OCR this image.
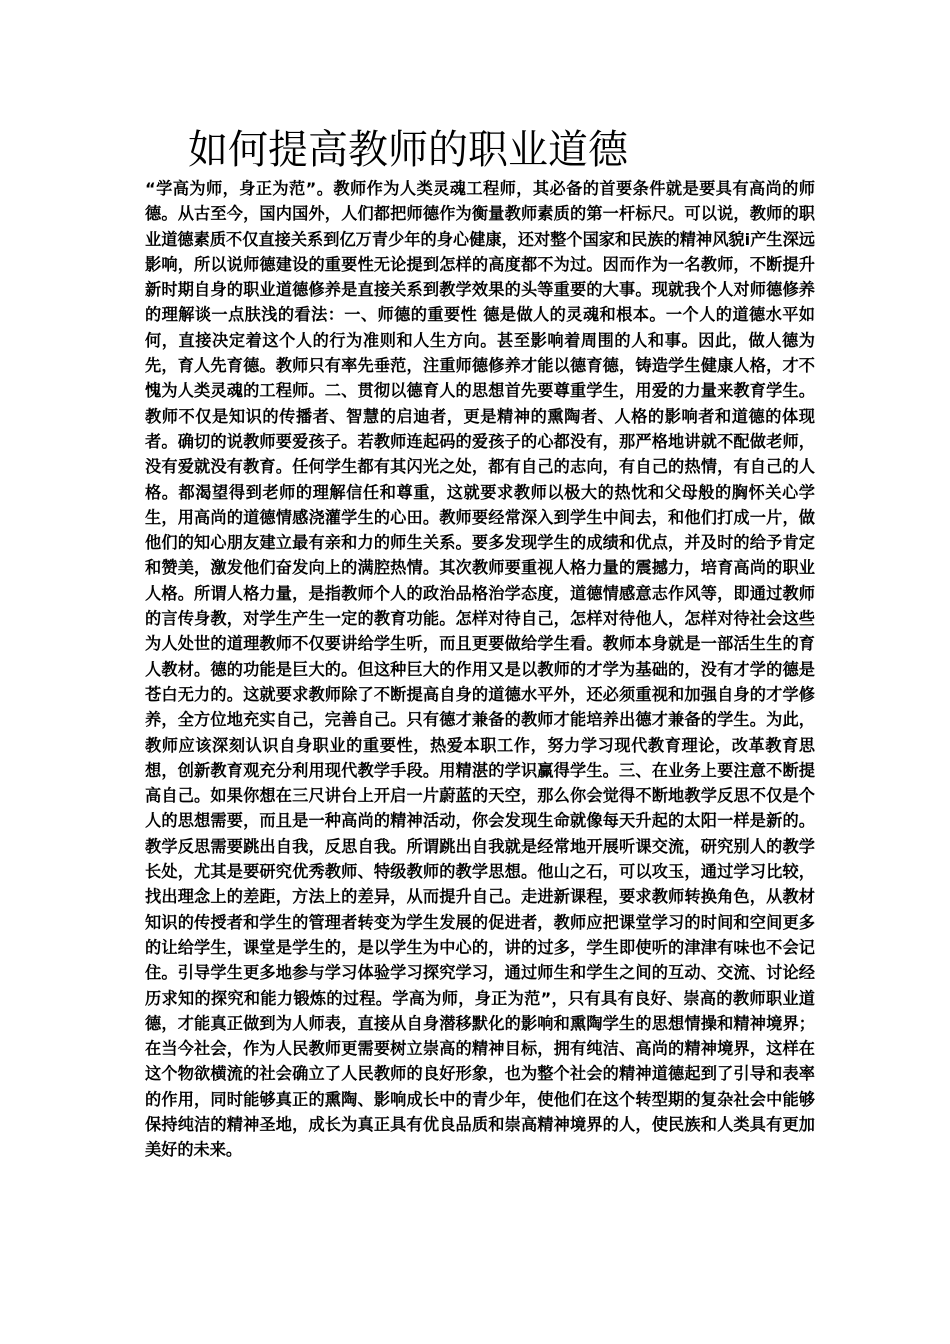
如何提高教师的职业道德

“学高为师，身正为范”。教师作为人类灵魂工程师，其必备的首要条件就是要具有高尚的师德。从古至今，国内国外，人们都把师德作为衡量教师素质的第一杆标尺。可以说，教师的职业道德素质不仅直接关系到亿万青少年的身心健康，还对整个国家和民族的精神风貌ⅰ产生深远影响，所以说师德建设的重要性无论提到怎样的高度都不为过。因而作为一名教师，不断提升新时期自身的职业道德修养是直接关系到教学效果的头等重要的大事。现就我个人对师德修养的理解谈一点肤浅的看法：一、师德的重要性 德是做人的灵魂和根本。一个人的道德水平如何，直接决定着这个人的行为准则和人生方向。甚至影响着周围的人和事。因此，做人德为先，育人先育德。教师只有率先垂范，注重师德修养才能以德育德，铸造学生健康人格，才不愧为人类灵魂的工程师。二、贯彻以德育人的思想首先要尊重学生，用爱的力量来教育学生。教师不仅是知识的传播者、智慧的启迪者，更是精神的熏陶者、人格的影响者和道德的体现者。确切的说教师要爱孩子。若教师连起码的爱孩子的心都没有，那严格地讲就不配做老师，没有爱就没有教育。任何学生都有其闪光之处，都有自己的志向，有自己的热情，有自己的人格。都渴望得到老师的理解信任和尊重，这就要求教师以极大的热忱和父母般的胸怀关心学生，用高尚的道德情感浇灌学生的心田。教师要经常深入到学生中间去，和他们打成一片，做他们的知心朋友建立最有亲和力的师生关系。要多发现学生的成绩和优点，并及时的给予肯定和赞美，激发他们奋发向上的满腔热情。其次教师要重视人格力量的震撼力，培育高尚的职业人格。所谓人格力量，是指教师个人的政治品格治学态度，道德情感意志作风等，即通过教师的言传身教，对学生产生一定的教育功能。怎样对待自己，怎样对待他人，怎样对待社会这些为人处世的道理教师不仅要讲给学生听，而且更要做给学生看。教师本身就是一部活生生的育人教材。德的功能是巨大的。但这种巨大的作用又是以教师的才学为基础的，没有才学的德是苍白无力的。这就要求教师除了不断提高自身的道德水平外，还必须重视和加强自身的才学修养，全方位地充实自己，完善自己。只有德才兼备的教师才能培养出德才兼备的学生。为此，教师应该深刻认识自身职业的重要性，热爱本职工作，努力学习现代教育理论，改革教育思想，创新教育观充分利用现代教学手段。用精湛的学识赢得学生。三、在业务上要注意不断提高自己。如果你想在三尺讲台上开启一片蔚蓝的天空，那么你会觉得不断地教学反思不仅是个人的思想需要，而且是一种高尚的精神活动，你会发现生命就像每天升起的太阳一样是新的。教学反思需要跳出自我，反思自我。所谓跳出自我就是经常地开展听课交流，研究别人的教学长处，尤其是要研究优秀教师、特级教师的教学思想。他山之石，可以攻玉，通过学习比较，找出理念上的差距，方法上的差异，从而提升自己。走进新课程，要求教师转换角色，从教材知识的传授者和学生的管理者转变为学生发展的促进者，教师应把课堂学习的时间和空间更多的让给学生，课堂是学生的，是以学生为中心的，讲的过多，学生即使听的津津有味也不会记住。引导学生更多地参与学习体验学习探究学习，通过师生和学生之间的互动、交流、讨论经历求知的探究和能力锻炼的过程。学高为师，身正为范”，只有具有良好、崇高的教师职业道德，才能真正做到为人师表，直接从自身潜移默化的影响和熏陶学生的思想情操和精神境界；在当今社会，作为人民教师更需要树立崇高的精神目标，拥有纯洁、高尚的精神境界，这样在这个物欲横流的社会确立了人民教师的良好形象，也为整个社会的精神道德起到了引导和表率的作用，同时能够真正的熏陶、影响成长中的青少年，使他们在这个转型期的复杂社会中能够保持纯洁的精神圣地，成长为真正具有优良品质和崇高精神境界的人，使民族和人类具有更加美好的未来。
